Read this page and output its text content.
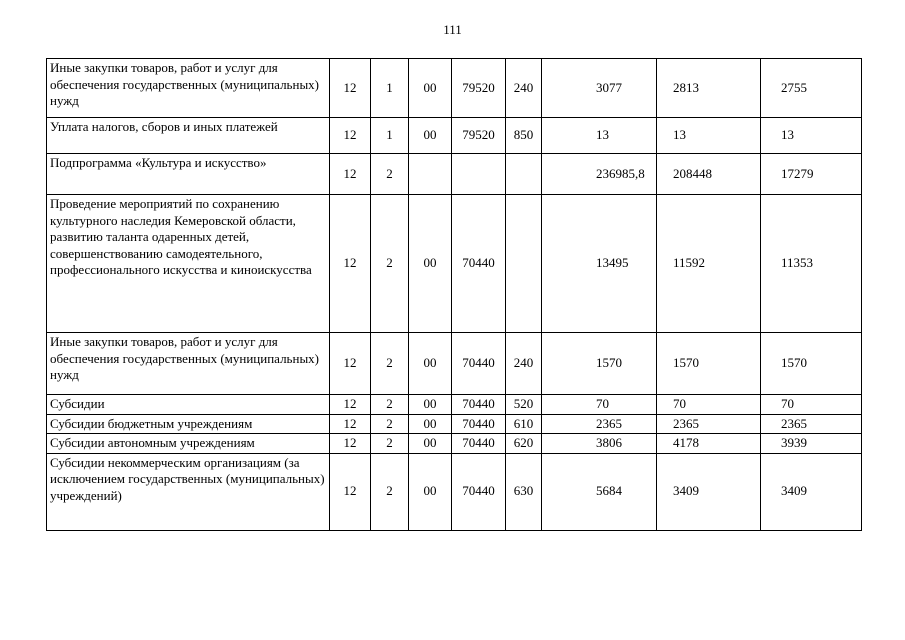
111
Иные закупки товаров, работ и услуг для обеспечения государственных (муниципальных) нужд	12	1	00	79520	240	3077	2813	2755
Уплата налогов, сборов и иных платежей	12	1	00	79520	850	13	13	13
Подпрограмма «Культура и искусство»	12	2				236985,8	208448	17279
Проведение мероприятий по сохранению культурного наследия Кемеровской области, развитию таланта одаренных детей, совершенствованию самодеятельного, профессионального искусства и киноискусства	12	2	00	70440		13495	11592	11353
Иные закупки товаров, работ и услуг для обеспечения государственных (муниципальных) нужд	12	2	00	70440	240	1570	1570	1570
Субсидии	12	2	00	70440	520	70	70	70
Субсидии бюджетным учреждениям	12	2	00	70440	610	2365	2365	2365
Субсидии автономным учреждениям	12	2	00	70440	620	3806	4178	3939
Субсидии некоммерческим организациям (за исключением государственных (муниципальных) учреждений)	12	2	00	70440	630	5684	3409	3409
